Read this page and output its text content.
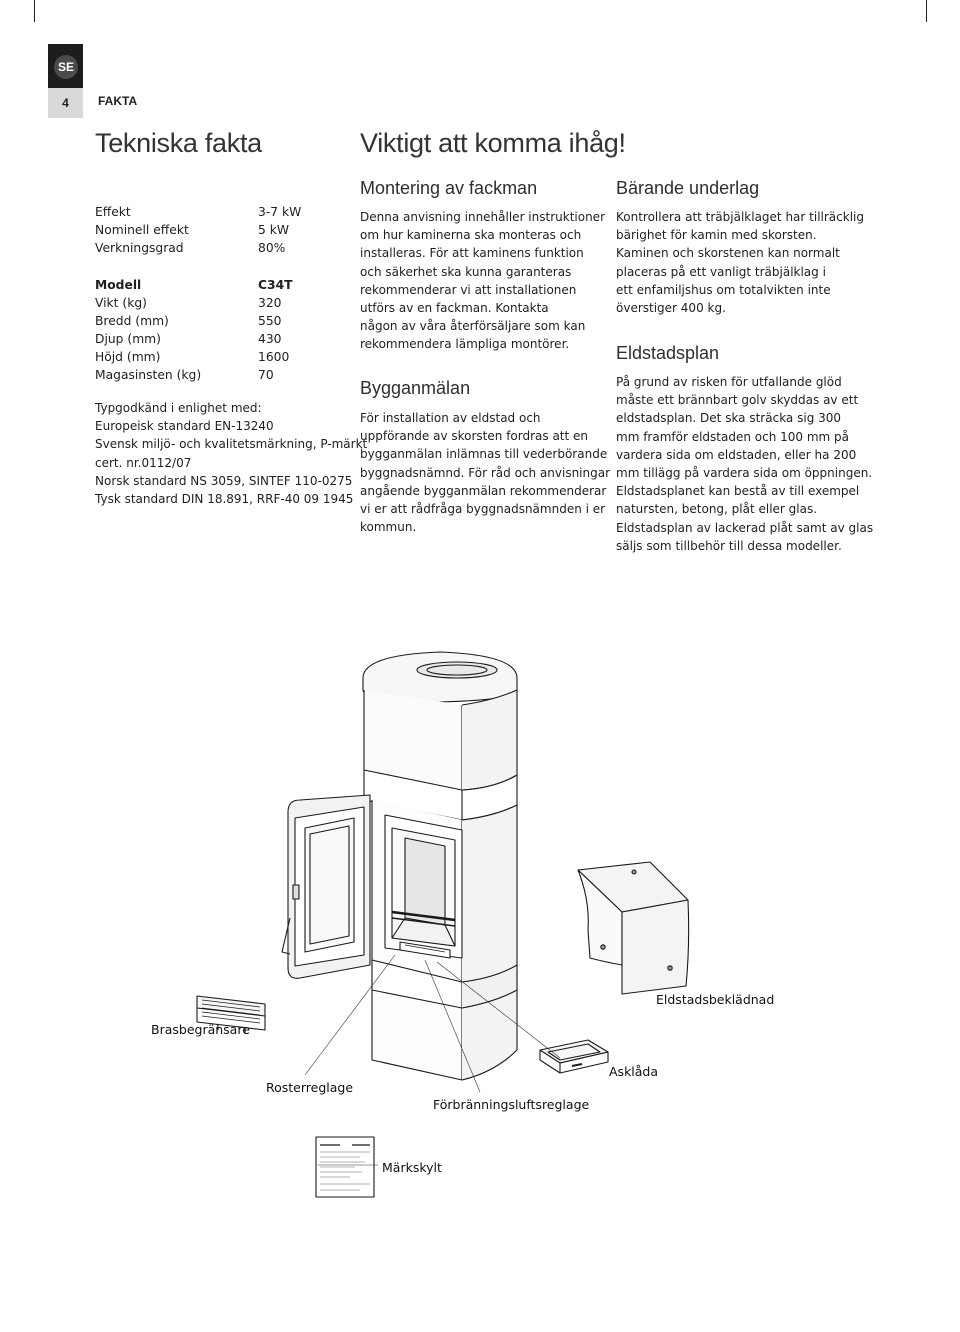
SE
4	FAKTA
Tekniska fakta
Effekt	3-7 kW
Nominell effekt	5 kW
Verkningsgrad	80%
Modell	C34T
Vikt (kg)	320
Bredd (mm)	550
Djup (mm)	430
Höjd (mm)	1600
Magasinsten (kg)	70
Typgodkänd i enlighet med:
Europeisk standard EN-13240
Svensk miljö- och kvalitetsmärkning, P-märkt
cert. nr.0112/07
Norsk standard NS 3059, SINTEF 110-0275
Tysk standard DIN 18.891, RRF-40 09 1945
Viktigt att komma ihåg!
Montering av fackman
Denna anvisning innehåller instruktioner
om hur kaminerna ska monteras och
installeras. För att kaminens funktion
och säkerhet ska kunna garanteras
rekommenderar vi att installationen
utförs av en fackman. Kontakta
någon av våra återförsäljare som kan
rekommendera lämpliga montörer.
Bygganmälan
För installation av eldstad och
uppförande av skorsten fordras att en
bygganmälan inlämnas till vederbörande
byggnadsnämnd. För råd och anvisningar
angående bygganmälan rekommenderar
vi er att rådfråga byggnadsnämnden i er
kommun.
Bärande underlag
Kontrollera att träbjälklaget har tillräcklig
bärighet för kamin med skorsten.
Kaminen och skorstenen kan normalt
placeras på ett vanligt träbjälklag i
ett enfamiljshus om totalvikten inte
överstiger 400 kg.
Eldstadsplan
På grund av risken för utfallande glöd
måste ett brännbart golv skyddas av ett
eldstadsplan. Det ska sträcka sig 300
mm framför eldstaden och 100 mm på
vardera sida om eldstaden, eller ha 200
mm tillägg på vardera sida om öppningen.
Eldstadsplanet kan bestå av till exempel
natursten, betong, plåt eller glas.
Eldstadsplan av lackerad plåt samt av glas
säljs som tillbehör till dessa modeller.
Brasbegränsare
Eldstadsbeklädnad
Rosterreglage
Asklåda
Förbränningsluftsreglage
Märkskylt
